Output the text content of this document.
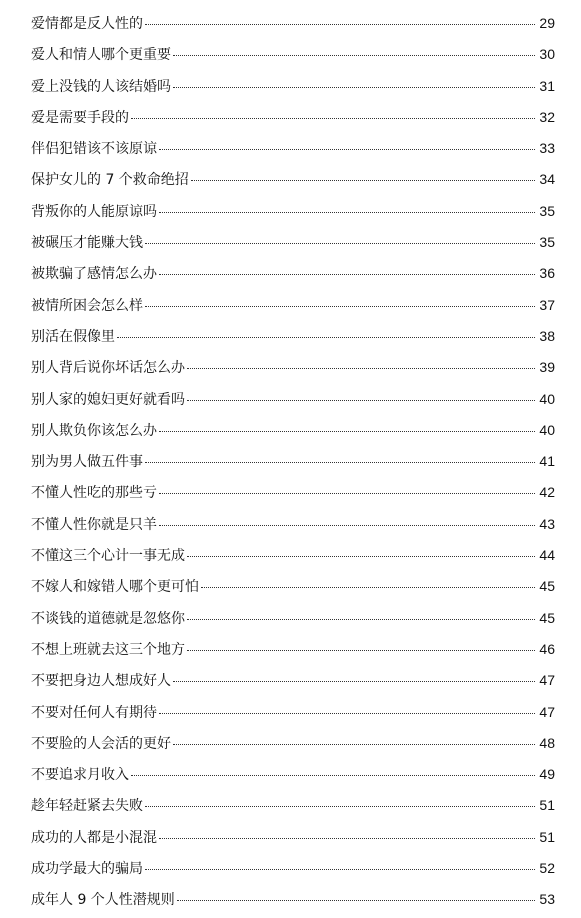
爱情都是反人性的	29
爱人和情人哪个更重要	30
爱上没钱的人该结婚吗	31
爱是需要手段的	32
伴侣犯错该不该原谅	33
保护女儿的 7 个救命绝招	34
背叛你的人能原谅吗	35
被碾压才能赚大钱	35
被欺骗了感情怎么办	36
被情所困会怎么样	37
别活在假像里	38
别人背后说你坏话怎么办	39
别人家的媳妇更好就看吗	40
别人欺负你该怎么办	40
别为男人做五件事	41
不懂人性吃的那些亏	42
不懂人性你就是只羊	43
不懂这三个心计一事无成	44
不嫁人和嫁错人哪个更可怕	45
不谈钱的道德就是忽悠你	45
不想上班就去这三个地方	46
不要把身边人想成好人	47
不要对任何人有期待	47
不要脸的人会活的更好	48
不要追求月收入	49
趁年轻赶紧去失败	51
成功的人都是小混混	51
成功学最大的骗局	52
成年人 9 个人性潜规则	53
